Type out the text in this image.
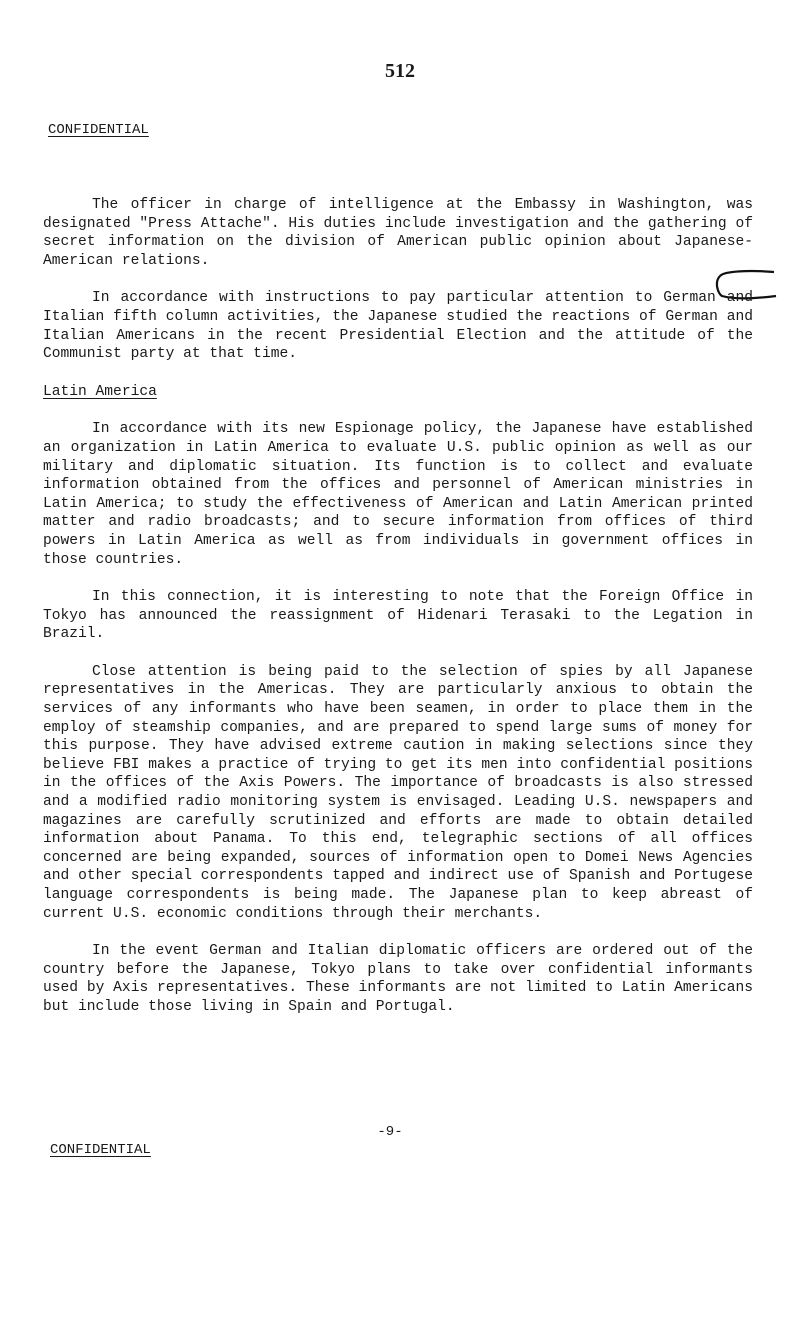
512
CONFIDENTIAL

The officer in charge of intelligence at the Embassy in Washington, was designated "Press Attache". His duties include investigation and the gathering of secret information on the division of American public opinion about Japanese-American relations.

In accordance with instructions to pay particular attention to German and Italian fifth column activities, the Japanese studied the reactions of German and Italian Americans in the recent Presidential Election and the attitude of the Communist party at that time.

Latin America

In accordance with its new Espionage policy, the Japanese have established an organization in Latin America to evaluate U.S. public opinion as well as our military and diplomatic situation. Its function is to collect and evaluate information obtained from the offices and personnel of American ministries in Latin America; to study the effectiveness of American and Latin American printed matter and radio broadcasts; and to secure information from offices of third powers in Latin America as well as from individuals in government offices in those countries.

In this connection, it is interesting to note that the Foreign Office in Tokyo has announced the reassignment of Hidenari Terasaki to the Legation in Brazil.

Close attention is being paid to the selection of spies by all Japanese representatives in the Americas. They are particularly anxious to obtain the services of any informants who have been seamen, in order to place them in the employ of steamship companies, and are prepared to spend large sums of money for this purpose. They have advised extreme caution in making selections since they believe FBI makes a practice of trying to get its men into confidential positions in the offices of the Axis Powers. The importance of broadcasts is also stressed and a modified radio monitoring system is envisaged. Leading U.S. newspapers and magazines are carefully scrutinized and efforts are made to obtain detailed information about Panama. To this end, telegraphic sections of all offices concerned are being expanded, sources of information open to Domei News Agencies and other special correspondents tapped and indirect use of Spanish and Portugese language correspondents is being made. The Japanese plan to keep abreast of current U.S. economic conditions through their merchants.

In the event German and Italian diplomatic officers are ordered out of the country before the Japanese, Tokyo plans to take over confidential informants used by Axis representatives. These informants are not limited to Latin Americans but include those living in Spain and Portugal.

-9-
CONFIDENTIAL
